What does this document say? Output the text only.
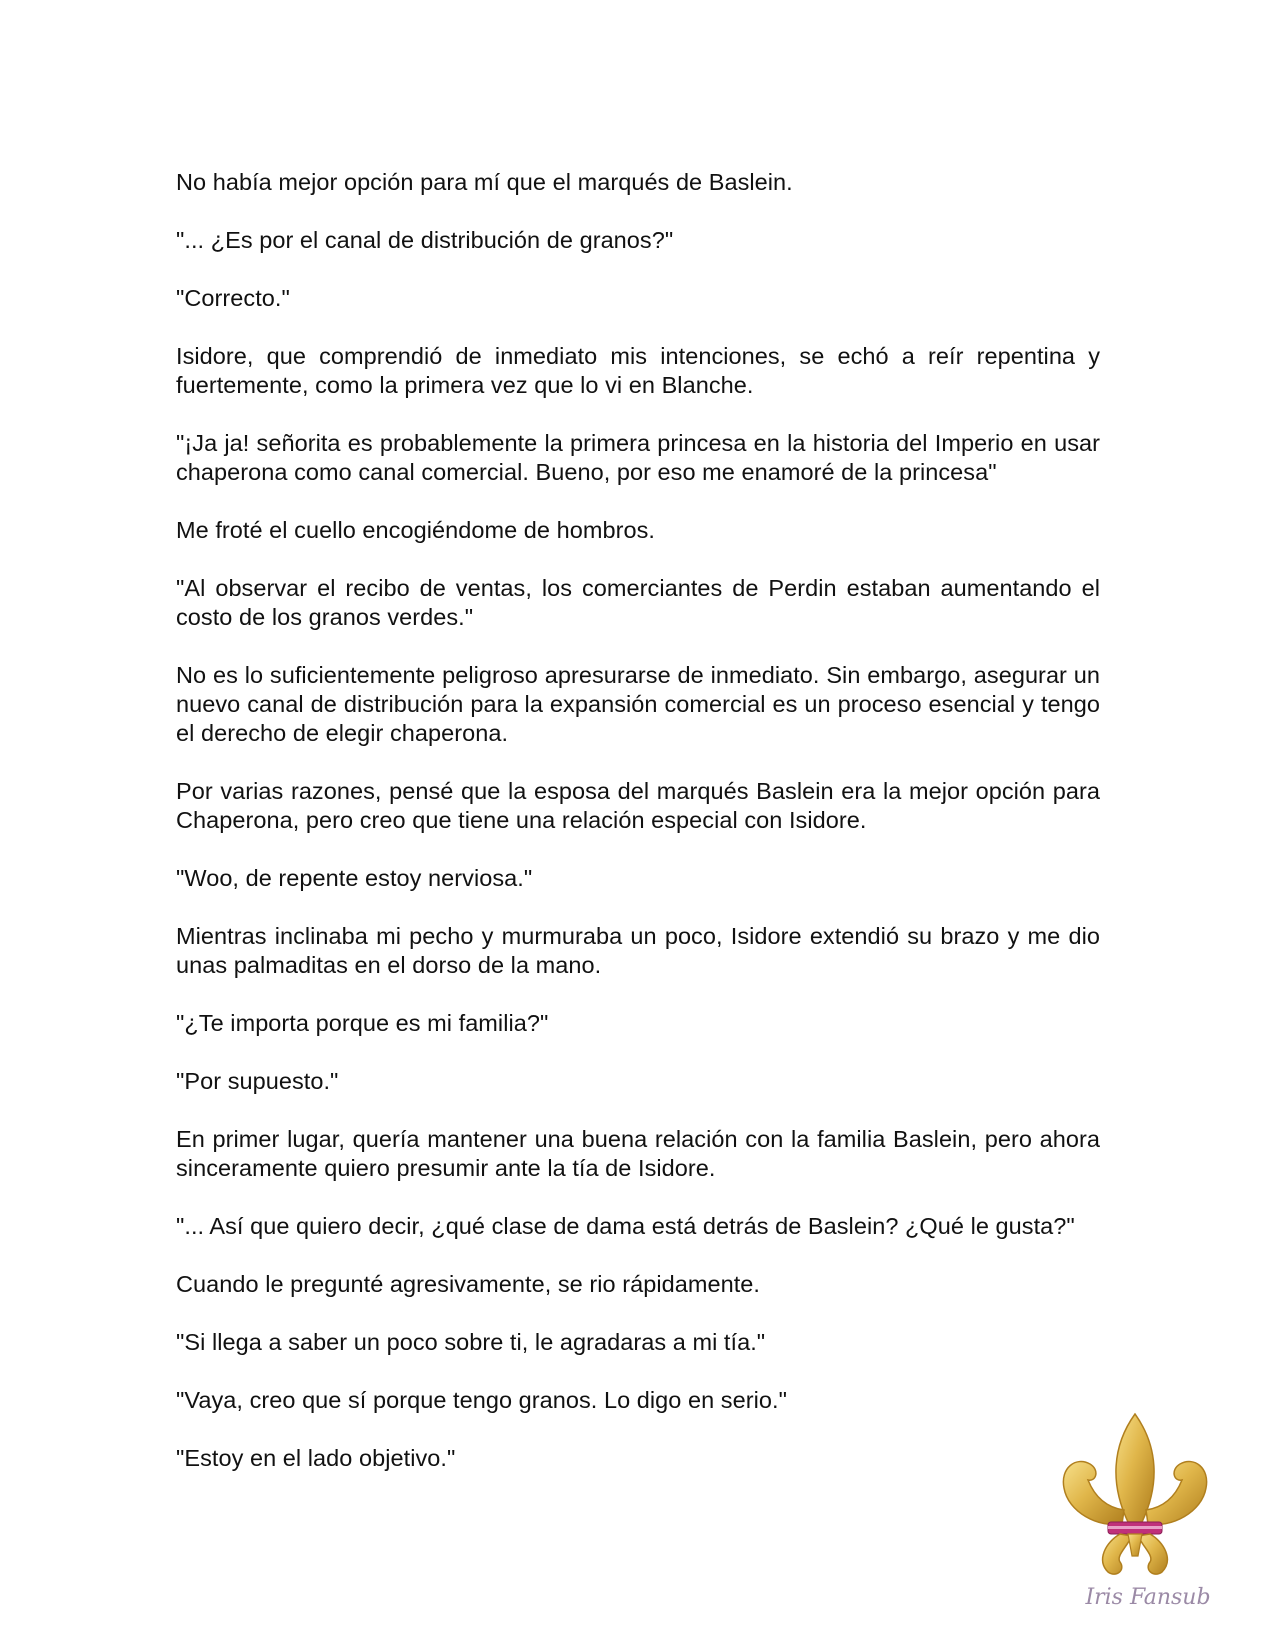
No había mejor opción para mí que el marqués de Baslein.

"... ¿Es por el canal de distribución de granos?"

"Correcto."

Isidore, que comprendió de inmediato mis intenciones, se echó a reír repentina y fuertemente, como la primera vez que lo vi en Blanche.

"¡Ja ja! señorita es probablemente la primera princesa en la historia del Imperio en usar chaperona como canal comercial. Bueno, por eso me enamoré de la princesa"

Me froté el cuello encogiéndome de hombros.

"Al observar el recibo de ventas, los comerciantes de Perdin estaban aumentando el costo de los granos verdes."

No es lo suficientemente peligroso apresurarse de inmediato. Sin embargo, asegurar un nuevo canal de distribución para la expansión comercial es un proceso esencial y tengo el derecho de elegir chaperona.

Por varias razones, pensé que la esposa del marqués Baslein era la mejor opción para Chaperona, pero creo que tiene una relación especial con Isidore.

"Woo, de repente estoy nerviosa."

Mientras inclinaba mi pecho y murmuraba un poco, Isidore extendió su brazo y me dio unas palmaditas en el dorso de la mano.

"¿Te importa porque es mi familia?"

"Por supuesto."

En primer lugar, quería mantener una buena relación con la familia Baslein, pero ahora sinceramente quiero presumir ante la tía de Isidore.

"... Así que quiero decir, ¿qué clase de dama está detrás de Baslein? ¿Qué le gusta?"

Cuando le pregunté agresivamente, se rio rápidamente.

"Si llega a saber un poco sobre ti, le agradaras a mi tía."

"Vaya, creo que sí porque tengo granos. Lo digo en serio."

"Estoy en el lado objetivo."

Iris Fansub
